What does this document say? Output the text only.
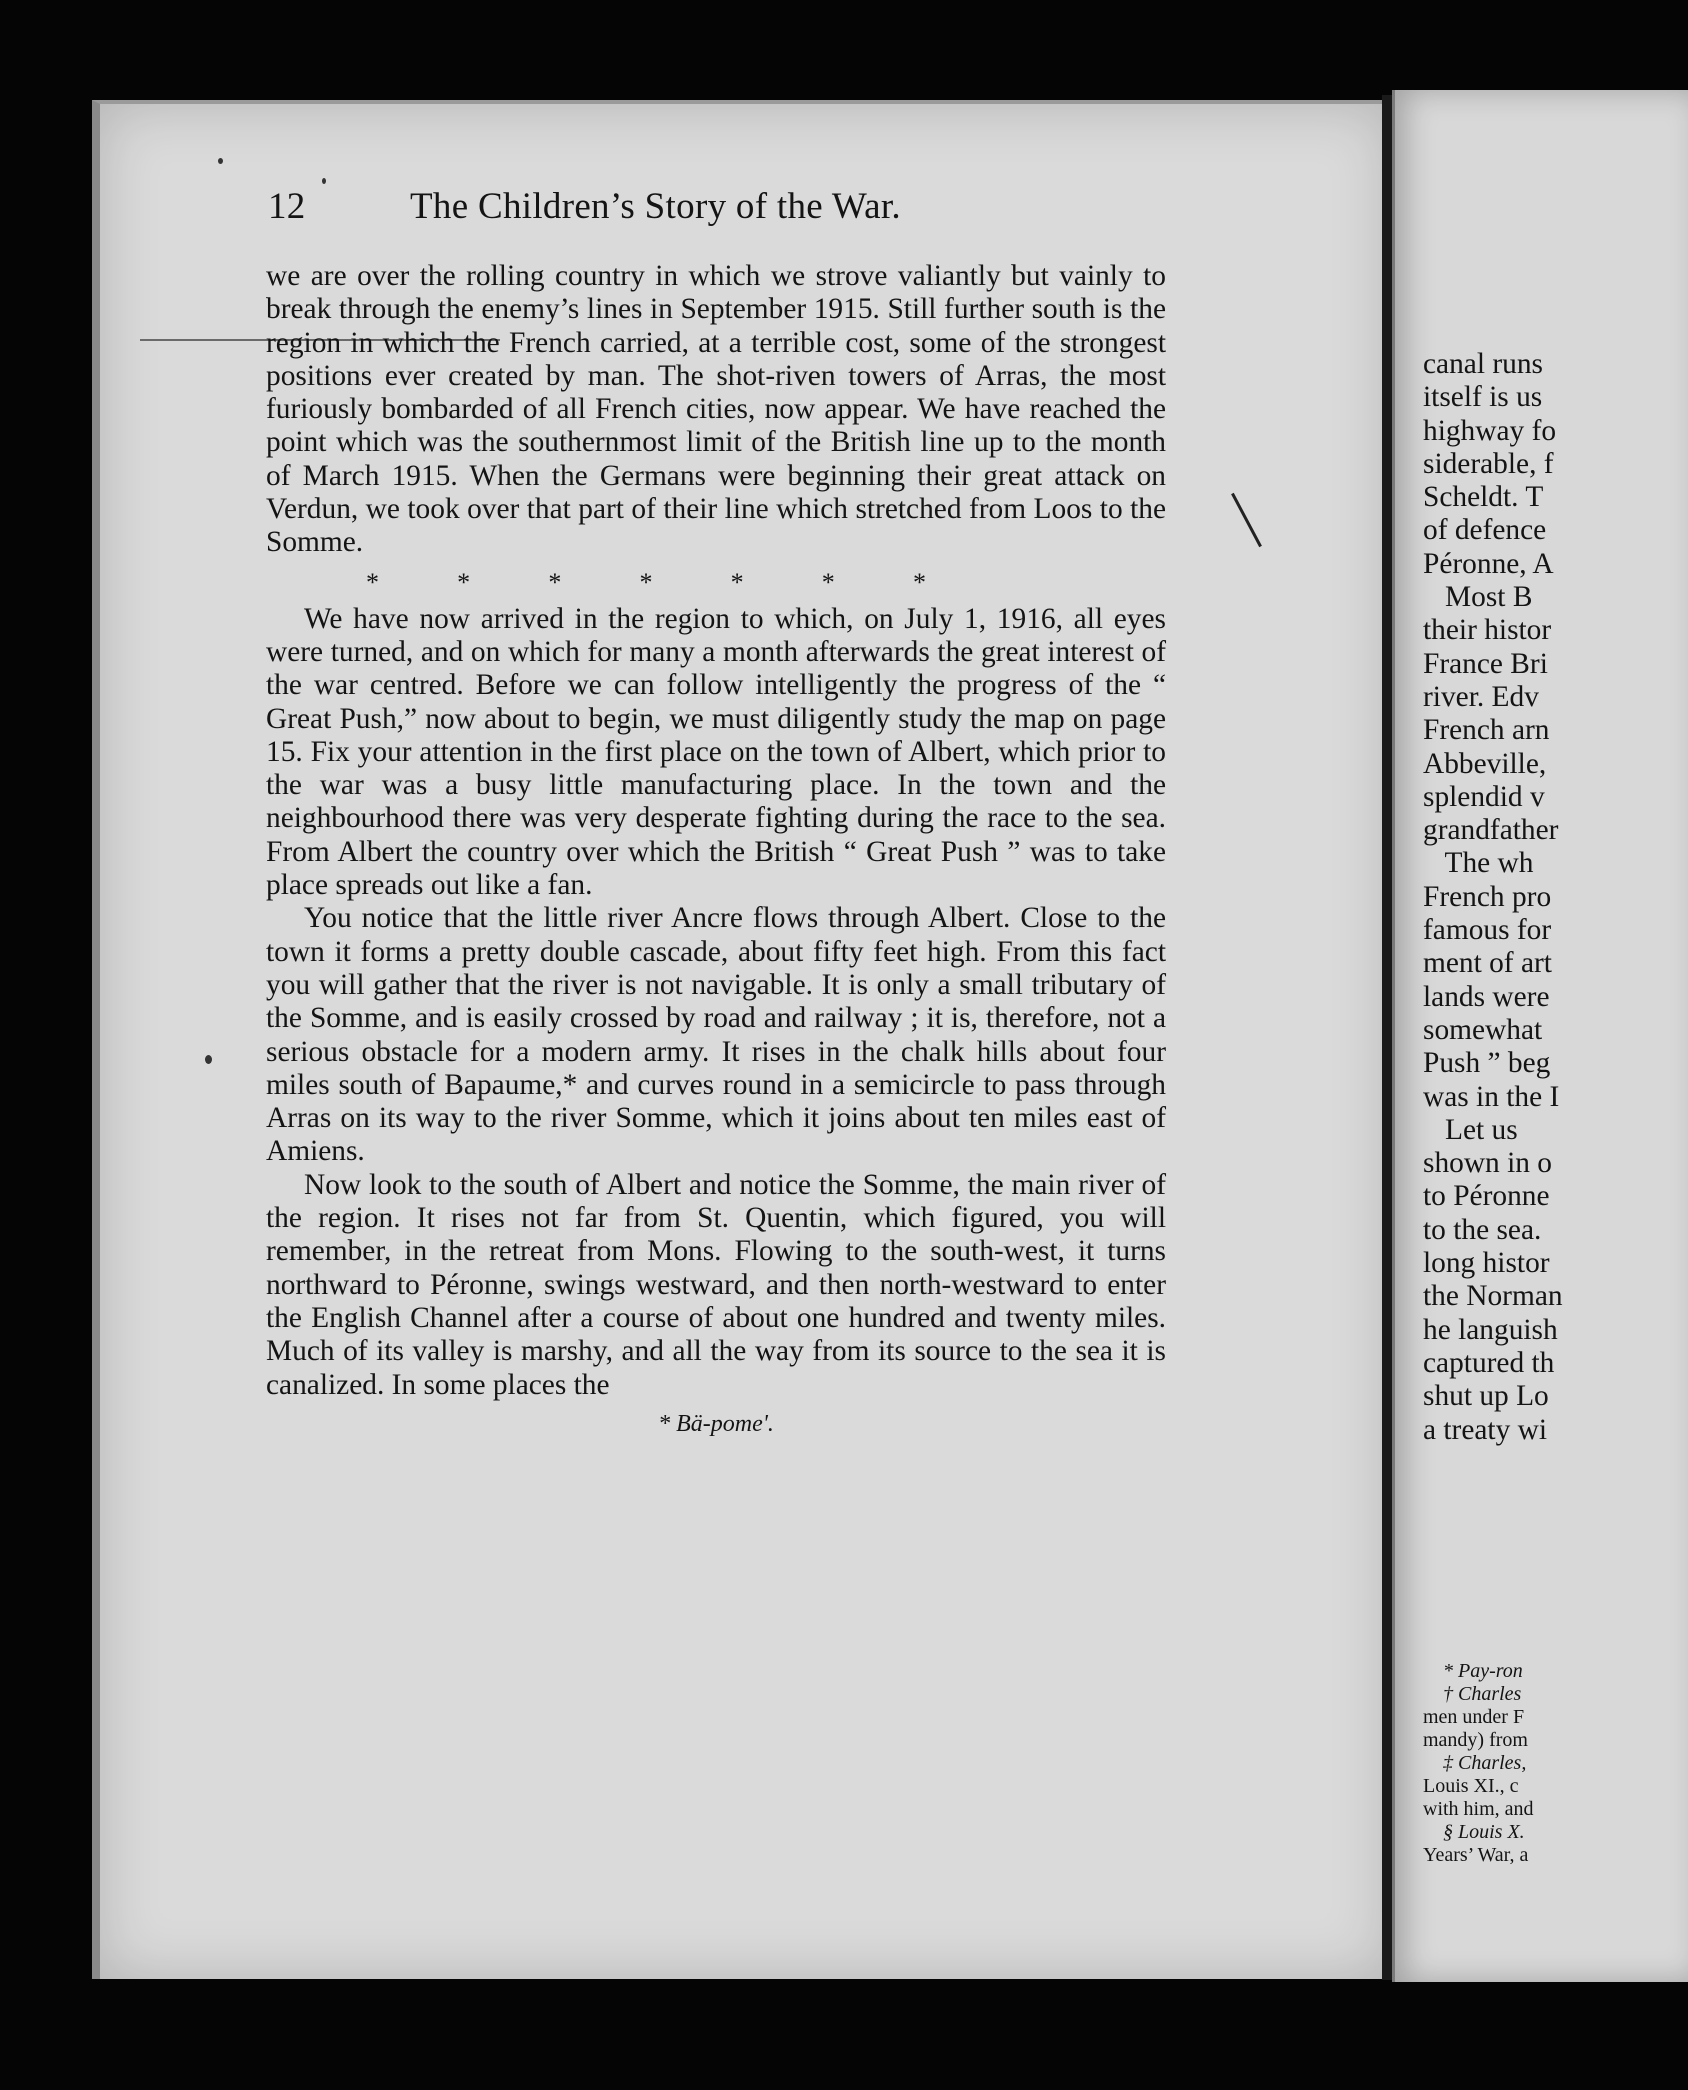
canal runs
itself is us
highway fo
siderable, f
Scheldt. T
of defence
Péronne, A
Most B
their histor
France Bri
river. Edv
French arn
Abbeville,
splendid v
grandfather
The wh
French pro
famous for
ment of art
lands were
somewhat
Push ” beg
was in the I
Let us
shown in o
to Péronne
to the sea.
long histor
the Norman
he languish
captured th
shut up Lo
a treaty wi
* Pay-ron
† Charles
men under F
mandy) from
‡ Charles,
Louis XI., c
with him, and
§ Louis X.
Years’ War, a
12	The Children’s Story of the War.

we are over the rolling country in which we strove valiantly but vainly to break through the enemy’s lines in September 1915. Still further south is the region in which the French carried, at a terrible cost, some of the strongest positions ever created by man. The shot-riven towers of Arras, the most furiously bombarded of all French cities, now appear. We have reached the point which was the southernmost limit of the British line up to the month of March 1915. When the Germans were beginning their great attack on Verdun, we took over that part of their line which stretched from Loos to the Somme.

*	*	*	*	*	*	*

We have now arrived in the region to which, on July 1, 1916, all eyes were turned, and on which for many a month afterwards the great interest of the war centred. Before we can follow intelligently the progress of the “ Great Push,” now about to begin, we must diligently study the map on page 15. Fix your attention in the first place on the town of Albert, which prior to the war was a busy little manufacturing place. In the town and the neighbourhood there was very desperate fighting during the race to the sea. From Albert the country over which the British “ Great Push ” was to take place spreads out like a fan.

You notice that the little river Ancre flows through Albert. Close to the town it forms a pretty double cascade, about fifty feet high. From this fact you will gather that the river is not navigable. It is only a small tributary of the Somme, and is easily crossed by road and railway ; it is, therefore, not a serious obstacle for a modern army. It rises in the chalk hills about four miles south of Bapaume,* and curves round in a semicircle to pass through Arras on its way to the river Somme, which it joins about ten miles east of Amiens.

Now look to the south of Albert and notice the Somme, the main river of the region. It rises not far from St. Quentin, which figured, you will remember, in the retreat from Mons. Flowing to the south-west, it turns northward to Péronne, swings westward, and then north-westward to enter the English Channel after a course of about one hundred and twenty miles. Much of its valley is marshy, and all the way from its source to the sea it is canalized. In some places the

* Bä-pome'.
